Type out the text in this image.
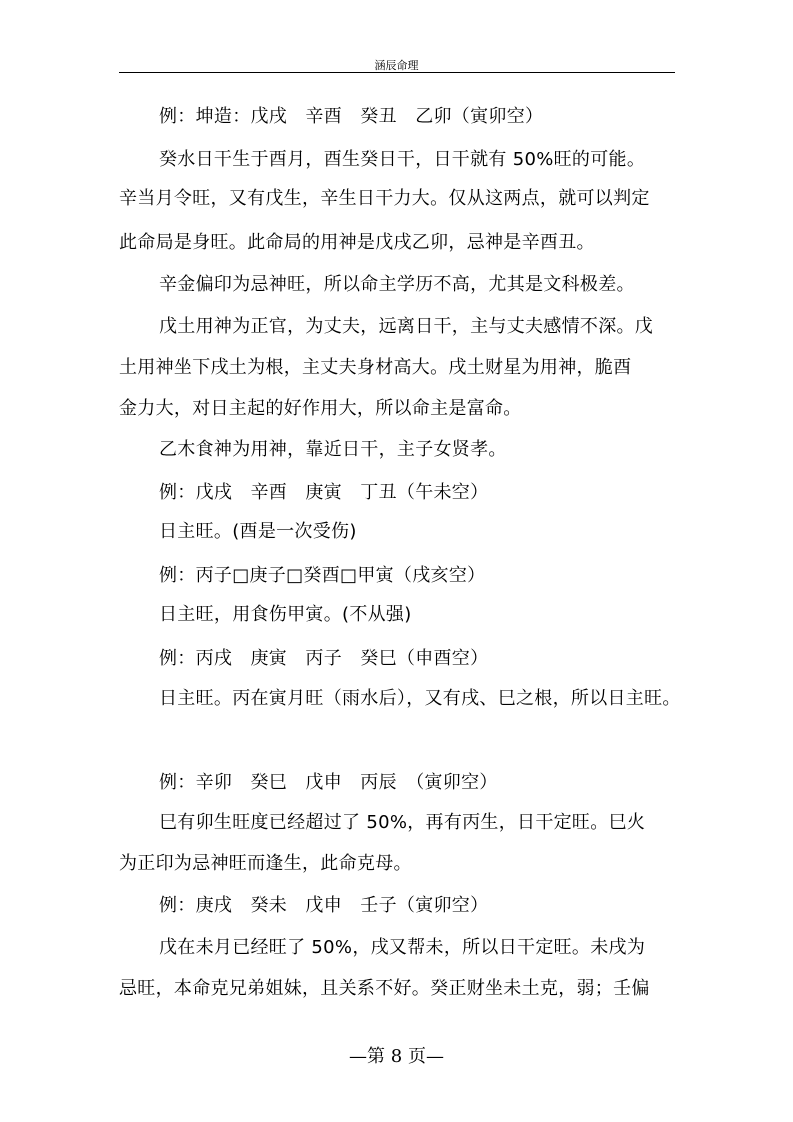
涵辰命理
例：坤造：戊戌　辛酉　癸丑　乙卯（寅卯空）
癸水日干生于酉月，酉生癸日干，日干就有 50%旺的可能。
辛当月令旺，又有戊生，辛生日干力大。仅从这两点，就可以判定
此命局是身旺。此命局的用神是戊戌乙卯，忌神是辛酉丑。
辛金偏印为忌神旺，所以命主学历不高，尤其是文科极差。
戊土用神为正官，为丈夫，远离日干，主与丈夫感情不深。戊
土用神坐下戌土为根，主丈夫身材高大。戌土财星为用神，脆酉
金力大，对日主起的好作用大，所以命主是富命。
乙木食神为用神，靠近日干，主子女贤孝。
例：戊戌　辛酉　庚寅　丁丑（午未空）
日主旺。(酉是一次受伤)
例：丙子□庚子□癸酉□甲寅（戌亥空）
日主旺，用食伤甲寅。(不从强)
例：丙戌　庚寅　丙子　癸巳（申酉空）
日主旺。丙在寅月旺（雨水后），又有戌、巳之根，所以日主旺。
例：辛卯　癸巳　戊申　丙辰　（寅卯空）
巳有卯生旺度已经超过了 50%，再有丙生，日干定旺。巳火
为正印为忌神旺而逢生，此命克母。
例：庚戌　癸未　戊申　壬子（寅卯空）
戊在未月已经旺了 50%，戌又帮未，所以日干定旺。未戌为
忌旺，本命克兄弟姐妹，且关系不好。癸正财坐未土克，弱；壬偏
—第 8 页—
